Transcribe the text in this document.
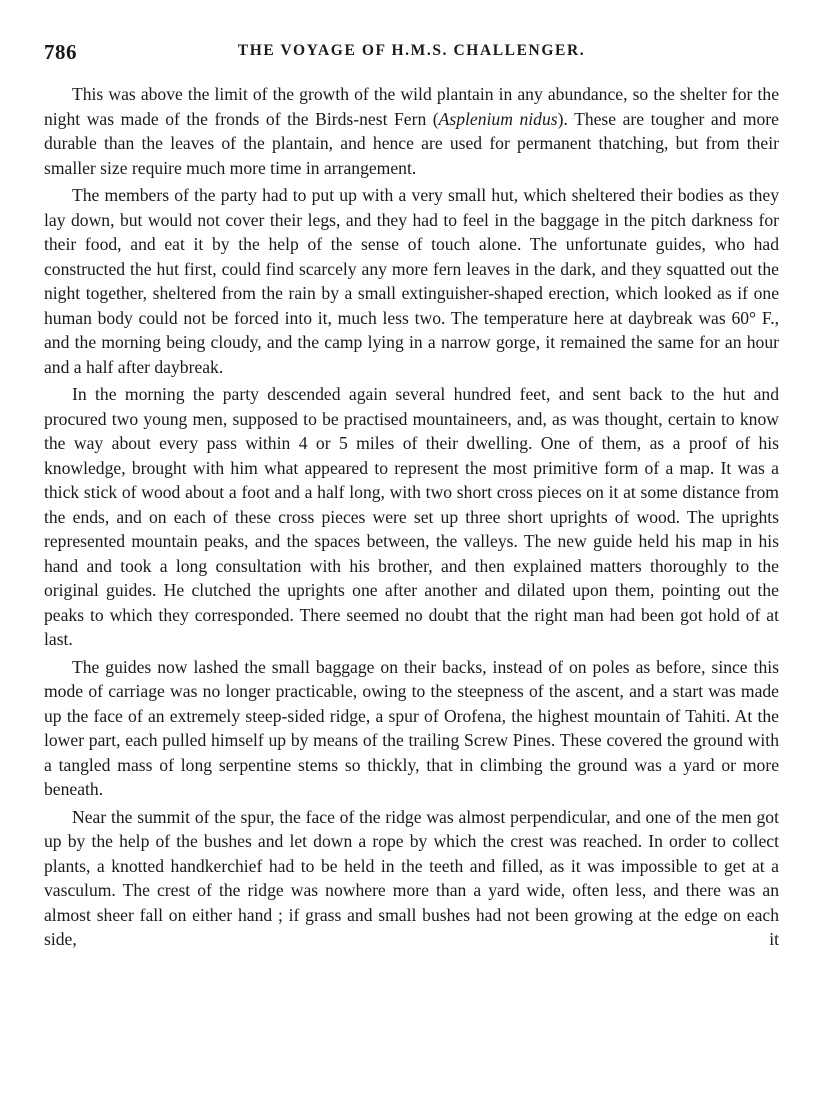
786	THE VOYAGE OF H.M.S. CHALLENGER.

This was above the limit of the growth of the wild plantain in any abundance, so the shelter for the night was made of the fronds of the Birds-nest Fern (Asplenium nidus). These are tougher and more durable than the leaves of the plantain, and hence are used for permanent thatching, but from their smaller size require much more time in arrangement.

The members of the party had to put up with a very small hut, which sheltered their bodies as they lay down, but would not cover their legs, and they had to feel in the baggage in the pitch darkness for their food, and eat it by the help of the sense of touch alone. The unfortunate guides, who had constructed the hut first, could find scarcely any more fern leaves in the dark, and they squatted out the night together, sheltered from the rain by a small extinguisher-shaped erection, which looked as if one human body could not be forced into it, much less two. The temperature here at daybreak was 60° F., and the morning being cloudy, and the camp lying in a narrow gorge, it remained the same for an hour and a half after daybreak.

In the morning the party descended again several hundred feet, and sent back to the hut and procured two young men, supposed to be practised mountaineers, and, as was thought, certain to know the way about every pass within 4 or 5 miles of their dwelling. One of them, as a proof of his knowledge, brought with him what appeared to represent the most primitive form of a map. It was a thick stick of wood about a foot and a half long, with two short cross pieces on it at some distance from the ends, and on each of these cross pieces were set up three short uprights of wood. The uprights represented mountain peaks, and the spaces between, the valleys. The new guide held his map in his hand and took a long consultation with his brother, and then explained matters thoroughly to the original guides. He clutched the uprights one after another and dilated upon them, pointing out the peaks to which they corresponded. There seemed no doubt that the right man had been got hold of at last.

The guides now lashed the small baggage on their backs, instead of on poles as before, since this mode of carriage was no longer practicable, owing to the steepness of the ascent, and a start was made up the face of an extremely steep-sided ridge, a spur of Orofena, the highest mountain of Tahiti. At the lower part, each pulled himself up by means of the trailing Screw Pines. These covered the ground with a tangled mass of long serpentine stems so thickly, that in climbing the ground was a yard or more beneath.

Near the summit of the spur, the face of the ridge was almost perpendicular, and one of the men got up by the help of the bushes and let down a rope by which the crest was reached. In order to collect plants, a knotted handkerchief had to be held in the teeth and filled, as it was impossible to get at a vasculum. The crest of the ridge was nowhere more than a yard wide, often less, and there was an almost sheer fall on either hand ; if grass and small bushes had not been growing at the edge on each side, it
